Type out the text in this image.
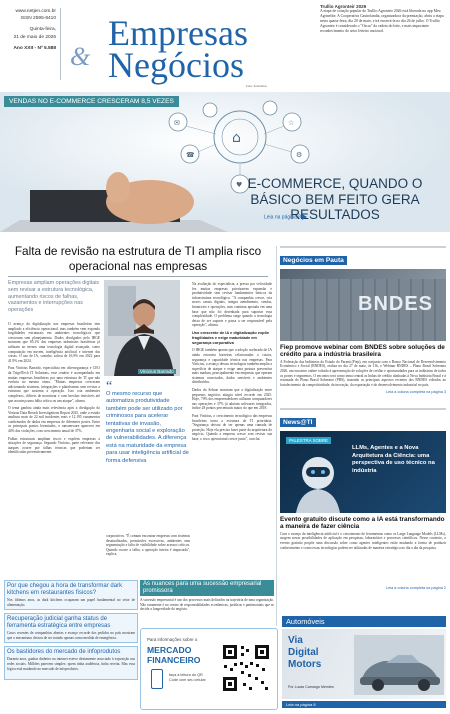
www.netjen.com.br
ISSN 2595-8410
Quinta-feira,
21 de maio de 2026
Ano XXII - Nº 5.588 Empresas
& Negócios
Foto: Ilustrativa
Trullio Agronteir 2029
A etapa de votação popular do Trullio Agronteir 2026 está liberada no app Meu Agrinelite. A Cooperativa Gastrolandia, organizadora da premiação, abriu a etapa nesta quarta-feira, dia 20 de maio, e irá encerrá-la no dia 26 de julho. O Trullio Agronteir é considerado o "Oscar" da cadeia do leite, e mais importante reconhecimento do setor leiteiro nacional.
⌂
✉
☎
☆
⚙
♥
VENDAS NO E-COMMERCE CRESCERAM 8,5 VEZES
E-COMMERCE, QUANDO O BÁSICO BEM FEITO GERA RESULTADOS
Leia na página 8
Falta de revisão na estrutura de TI amplia risco operacional nas empresas
Empresas ampliam operações digitais sem revisar a estrutura tecnológica, aumentando riscos de falhas, vazamentos e interrupções nas operações
Vinícius Barrado

O avanço da digitalização nas empresas brasileiras tem ampliado a eficiência operacional, mas também vem expondo fragilidades estruturais em ambientes tecnológicos que cresceram sem planejamento. Dados divulgados pelo IBGE mostram que 85,1% das empresas industriais brasileiras já utilizam ao menos uma tecnologia digital avançada, como computação em nuvem, inteligência artificial e internet das coisas. O uso de IA, sozinho, saltou de 16,9% em 2022 para 41,9% em 2024.

Para Vinícius Barrado, especialista em cibersegurança e CEO da TrigelTech IT Solutions, esse cenário é acompanhado em muitas empresas brasileiras por uma estrutura de TI que não evoluiu no mesmo ritmo. "Muitas empresas cresceram adicionando sistemas, integrações e plataformas sem revisar a estrutura que sustenta a operação. Isso cria ambientes complexos, difíceis de monitorar e com brechas invisíveis até que aconteça uma falha crítica ou um ataque", afirma.

O tema ganhou ainda mais relevância após a divulgação do Verizon Data Breach Investigations Report 2025, onde o estudo analisou mais de 22 mil incidentes reais e 12.195 vazamentos confirmados de dados em empresas de diferentes portes. Entre os principais pontos levantados, o ransomware apareceu em 44% das violações, com crescimento anual de 37%.

Falhas estruturais ampliam riscos e expõem empresas a situações de segurança. Segundo Vinícius, parte relevante dos ataques ocorre por falhas técnicas que poderiam ser identificadas preventivamente.

“
O mesmo recurso que automatiza produtividade também pode ser utilizado por criminosos para acelerar tentativas de invasão, engenharia social e exploração de vulnerabilidades. A diferença está na maturidade da empresa para usar inteligência artificial de forma defensiva

corporativos. "É comum encontrar empresas com sistemas desatualizados, permissões excessivas, ambientes sem segmentação e falta de visibilidade sobre acessos críticos. Quando ocorre a falha, a operação inteira é impactada", explica.

Na avaliação do especialista, a pressa por velocidade fez muitas empresas priorizarem expansão e produtividade sem revisar fundamentos básicos da infraestrutura tecnológica. "A companhia cresce, cria novos canais digitais, integra atendimento, vendas, financeiro e operações, mas continua apoiada em uma base que não foi desenhada para suportar essa complexidade. O problema surge quando a tecnologia deixa de ser suporte e passa a ser responsável pela operação", afirma.

Uso crescente de IA e digitalização expõe fragilidades e exige maturidade em segurança corporativa

O IBGE também aponta que a adoção acelerada de IA ainda encontra barreiras relacionadas a custos, segurança e capacidade técnica nas empresas. Para Vinícius, o avanço dessas tecnologias também amplia a superfície de ataque e exige uma postura preventiva mais madura, principalmente em empresas que operam sistemas conectados, dados sensíveis e ambientes distribuídos.

Dados do Sebrae mostram que a digitalização entre pequenos negócios atingiu nível recorde em 2025. Hoje, 70% dos empreendedores utilizam computadores nas operações e 37% já adotam softwares integrados, índice 28 pontos percentuais maior do que em 2018.

Para Vinícius, o crescimento tecnológico das empresas brasileiras torna a estrutura de TI prioritária. "Segurança deixou de ser apenas uma camada de proteção. Hoje ela precisa fazer parte da arquitetura do negócio. Quando a empresa cresce sem revisar sua base, o risco operacional cresce junto", conclui.

Negócios em Pauta
BNDES
Fiep promove webinar com BNDES sobre soluções de crédito para a indústria brasileira
A Federação das Indústrias do Estado do Paraná (Fiep), em conjunto com o Banco Nacional de Desenvolvimento Econômico e Social (BNDES), realiza no dia 27 de maio, às 11h, o Webinar BNDES – Plano Brasil Soberano 2026, um encontro online voltado à apresentação de soluções de crédito e oportunidades para as indústrias de todos os portes e segmentos. O encontro terá como tema central as linhas de crédito alinhadas à Nova Indústria Brasil e à retomada do Plano Brasil Soberano (PBS), trazendo os principais aspectos recentes dos BNDES voltados ao fortalecimento da competitividade, da inovação, da exportação e do desenvolvimento industrial no país.
Leia a coluna completa na página 3
News@TI
PALESTRA SOBRE
LLMs, Agentes e a Nova Arquitetura da Ciência: uma perspectiva de uso técnico na indústria
Evento gratuito discute como a IA está transformando a maneira de fazer ciência
Com o avanço da inteligência artificial e o crescimento de ferramentas como os Large Language Models (LLMs), surgem novas possibilidades de aplicação em pesquisas, laboratórios e processos científicos. Nesse contexto, o evento gratuito propõe uma discussão sobre como agentes inteligentes estão mudando a forma de produzir conhecimento e como essas tecnologias podem ser utilizadas de maneira estratégica no dia a dia da pesquisa.
Leia a coluna completa na página 2
Por que chegou a hora de transformar dark kitchens em restaurantes físicos?
Nos últimos anos, as dark kitchens ocuparam um papel fundamental no setor de alimentação.
Recuperação judicial ganha status de ferramenta estratégica entre empresas
Casos recentes de companhias abertas e avanço recorde dos pedidos no país mostram que o mecanismo deixou de ser tratado apenas como medida de emergência.
Os bastidores do mercado de infoprodutos
Durante anos, ganhar dinheiro na internet esteve diretamente associado à exposição nas redes sociais. Milhões parecem simples: quem tinha audiência, tinha receita. Mas essa lógica está mudando no mercado de infoprodutos.
As nuances para uma sucessão empresarial promissora
A sucessão empresarial é um dos processos mais delicados na trajetória de uma organização. Não raramente é no centro de responsabilidades econômicas, jurídicas e patrimoniais que se decide a longevidade do negócio.
Para informações sobre o
MERCADO FINANCEIRO
faça a leitura do QR Code com seu celular
Automóveis
Via
Digital
Motors
Por Lucas Camargo Mendes
Leia na página 8
